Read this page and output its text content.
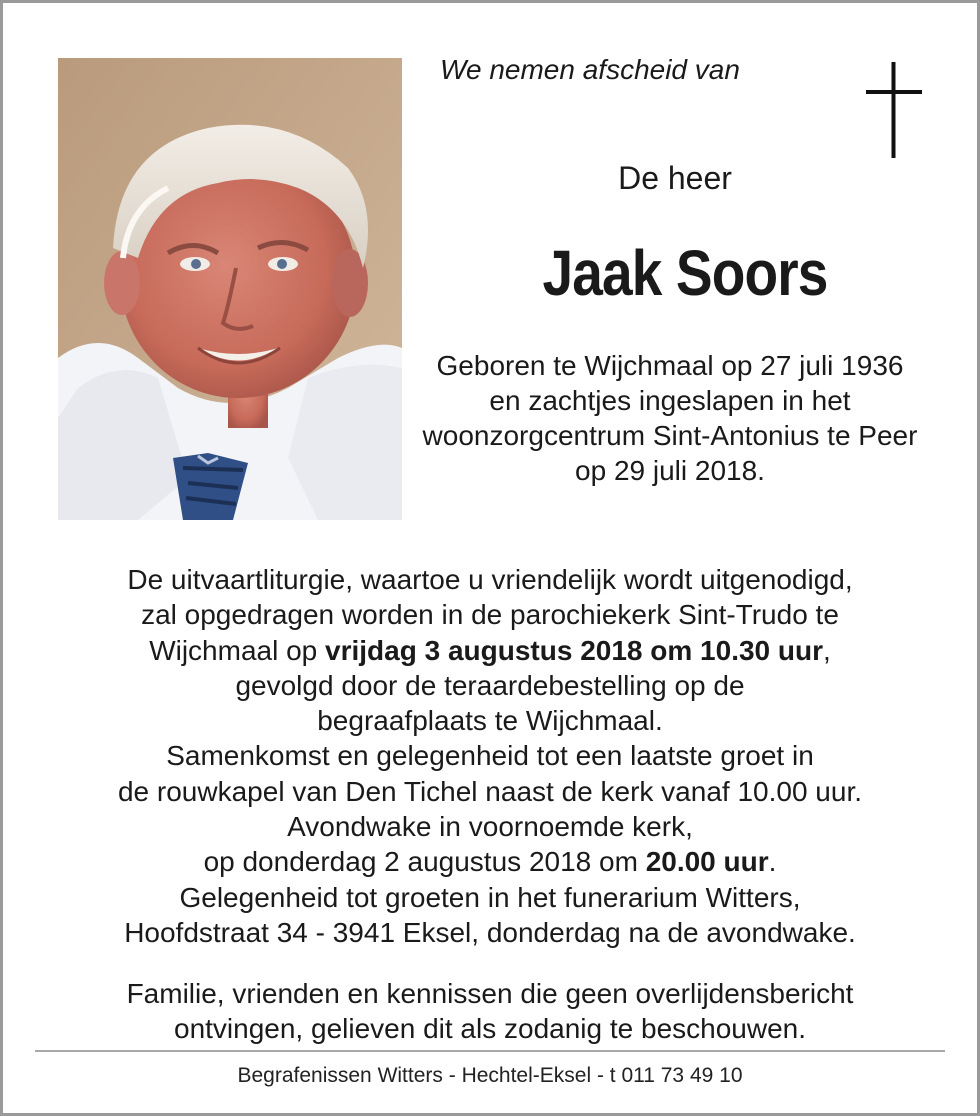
We nemen afscheid van
De heer
Jaak Soors
Geboren te Wijchmaal op 27 juli 1936 en zachtjes ingeslapen in het woonzorgcentrum Sint-Antonius te Peer op 29 juli 2018.

De uitvaartliturgie, waartoe u vriendelijk wordt uitgenodigd,

zal opgedragen worden in de parochiekerk Sint-Trudo te

Wijchmaal op vrijdag 3 augustus 2018 om 10.30 uur,

gevolgd door de teraardebestelling op de

begraafplaats te Wijchmaal.

Samenkomst en gelegenheid tot een laatste groet in

de rouwkapel van Den Tichel naast de kerk vanaf 10.00 uur.

Avondwake in voornoemde kerk,

op donderdag 2 augustus 2018 om 20.00 uur.

Gelegenheid tot groeten in het funerarium Witters,

Hoofdstraat 34 - 3941 Eksel, donderdag na de avondwake.

Familie, vrienden en kennissen die geen overlijdensbericht
ontvingen, gelieven dit als zodanig te beschouwen.
Begrafenissen Witters - Hechtel-Eksel - t 011 73 49 10
